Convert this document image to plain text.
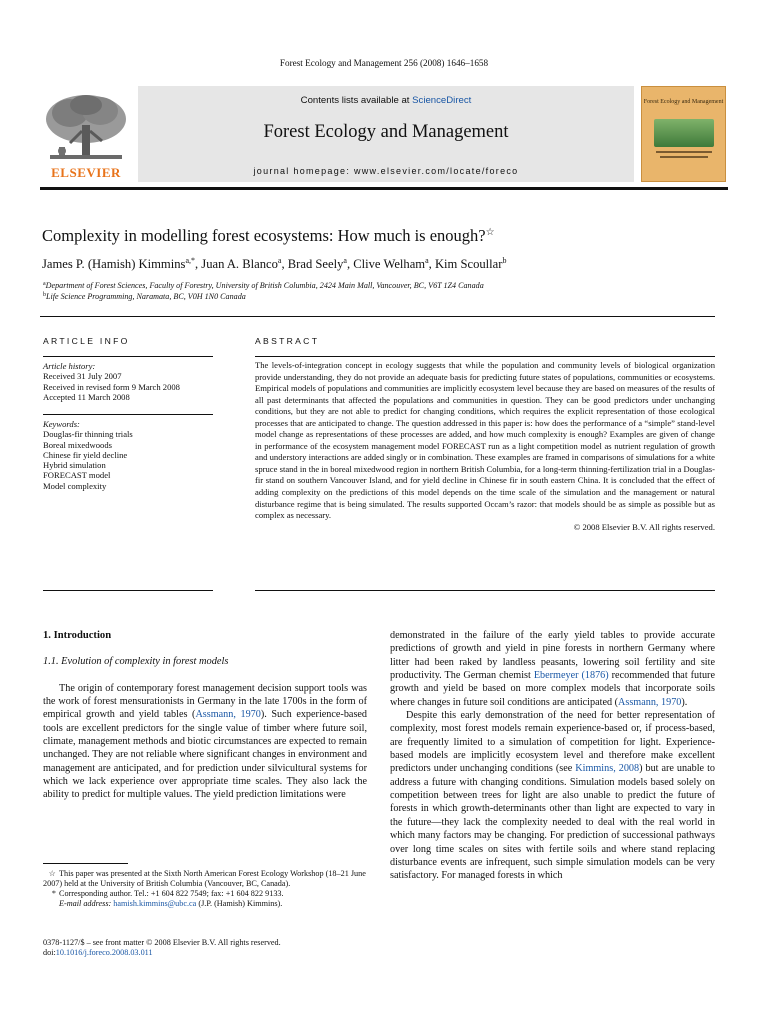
Forest Ecology and Management 256 (2008) 1646–1658
ELSEVIER
Contents lists available at ScienceDirect
Forest Ecology and Management
journal homepage: www.elsevier.com/locate/foreco
Forest Ecology and Management
Complexity in modelling forest ecosystems: How much is enough?☆
James P. (Hamish) Kimmins$^{a,*}$, Juan A. Blanco$^a$, Brad Seely$^a$, Clive Welham$^a$, Kim Scoullar$^b$
$^a$Department of Forest Sciences, Faculty of Forestry, University of British Columbia, 2424 Main Mall, Vancouver, BC, V6T 1Z4 Canada
$^b$Life Science Programming, Naramata, BC, V0H 1N0 Canada
ARTICLE INFO
Article history:
Received 31 July 2007
Received in revised form 9 March 2008
Accepted 11 March 2008
Keywords:
Douglas-fir thinning trials
Boreal mixedwoods
Chinese fir yield decline
Hybrid simulation
FORECAST model
Model complexity
ABSTRACT
The levels-of-integration concept in ecology suggests that while the population and community levels of biological organization provide understanding, they do not provide an adequate basis for predicting future states of populations, communities or ecosystems. Empirical models of populations and communities are implicitly ecosystem level because they are based on measures of the results of all past determinants that affected the populations and communities in question. They can be good predictors under unchanging conditions, but they are not able to predict for changing conditions, which requires the explicit representation of those ecological processes that are anticipated to change. The question addressed in this paper is: how does the performance of a “simple” stand-level model change as representations of these processes are added, and how much complexity is enough? Examples are given of change in performance of the ecosystem management model FORECAST run as a light competition model as nutrient regulation of growth and understory interactions are added singly or in combination. These examples are framed in comparisons of simulations for a white spruce stand in the in boreal mixedwood region in northern British Columbia, for a long-term thinning-fertilization trial in a Douglas-fir stand on southern Vancouver Island, and for yield decline in Chinese fir in south eastern China. It is concluded that the effect of adding complexity on the predictions of this model depends on the time scale of the simulation and the management or natural disturbance regime that is being simulated. The results supported Occam’s razor: that models should be as simple as possible but as complex as necessary.
© 2008 Elsevier B.V. All rights reserved.
1. Introduction
1.1. Evolution of complexity in forest models

The origin of contemporary forest management decision support tools was the work of forest mensurationists in Germany in the late 1700s in the form of empirical growth and yield tables (Assmann, 1970). Such experience-based tools are excellent predictors for the single value of timber where future soil, climate, management methods and biotic circumstances are expected to remain unchanged. They are not reliable where significant changes in environment and management are anticipated, and for prediction under silvicultural systems for which we lack experience over appropriate time scales. They also lack the ability to predict for multiple values. The yield prediction limitations were

☆ This paper was presented at the Sixth North American Forest Ecology Workshop (18–21 June 2007) held at the University of British Columbia (Vancouver, BC, Canada).
* Corresponding author. Tel.: +1 604 822 7549; fax: +1 604 822 9133.
E-mail address: hamish.kimmins@ubc.ca (J.P. (Hamish) Kimmins).
0378-1127/$ – see front matter © 2008 Elsevier B.V. All rights reserved.
doi:10.1016/j.foreco.2008.03.011

demonstrated in the failure of the early yield tables to provide accurate predictions of growth and yield in pine forests in northern Germany where litter had been raked by landless peasants, lowering soil fertility and site productivity. The German chemist Ebermeyer (1876) recommended that future growth and yield be based on more complex models that incorporate soils where changes in future soil conditions are anticipated (Assmann, 1970).

Despite this early demonstration of the need for better representation of complexity, most forest models remain experience-based or, if process-based, are frequently limited to a simulation of competition for light. Experience-based models are implicitly ecosystem level and therefore make excellent predictors under unchanging conditions (see Kimmins, 2008) but are unable to address a future with changing conditions. Simulation models based solely on competition between trees for light are also unable to predict the future of forests in which growth-determinants other than light are expected to vary in the future—they lack the complexity needed to deal with the real world in which many factors may be changing. For prediction of successional pathways over long time scales on sites with fertile soils and where stand replacing disturbance events are infrequent, such simple simulation models can be very satisfactory. For managed forests in which
